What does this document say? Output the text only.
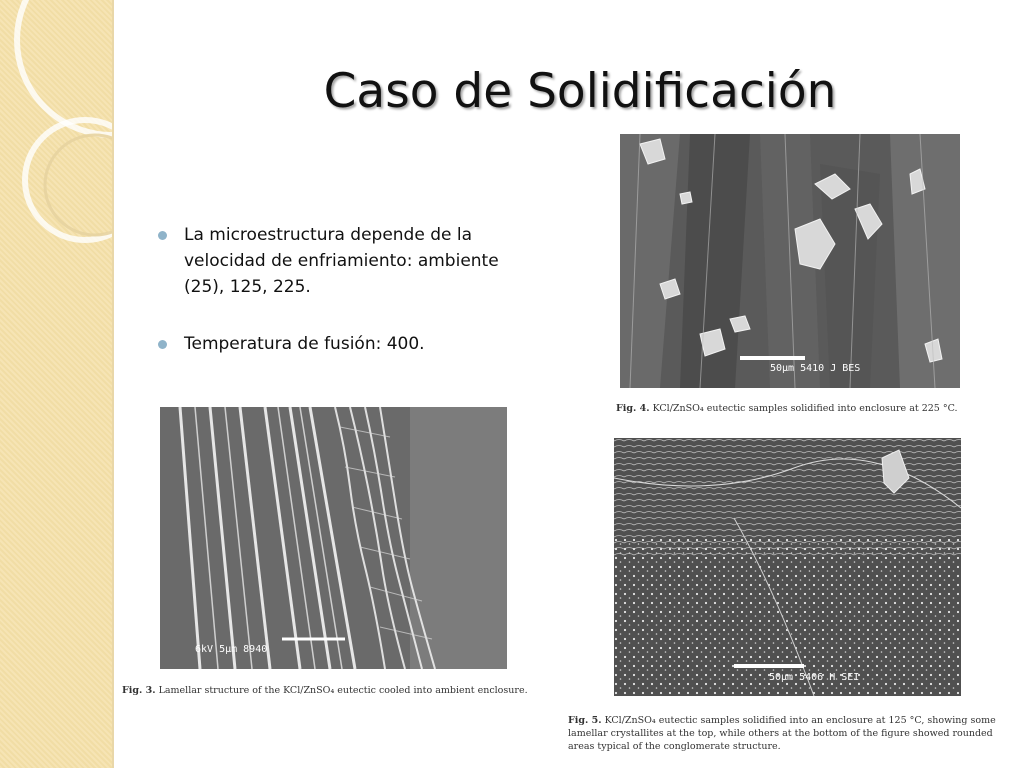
Caso de Solidificación
La microestructura depende de la velocidad de enfriamiento: ambiente (25), 125, 225.
Temperatura de fusión: 400.
50μm 5410 J BES
Fig. 4. KCl/ZnSO₄ eutectic samples solidified into enclosure at 225 °C.
6kV 5μm 8940
Fig. 3. Lamellar structure of the KCl/ZnSO₄ eutectic cooled into ambient enclosure.
50μm 5406 H SEI
Fig. 5. KCl/ZnSO₄ eutectic samples solidified into an enclosure at 125 °C, showing some lamellar crystallites at the top, while others at the bottom of the figure showed rounded areas typical of the conglomerate structure.
